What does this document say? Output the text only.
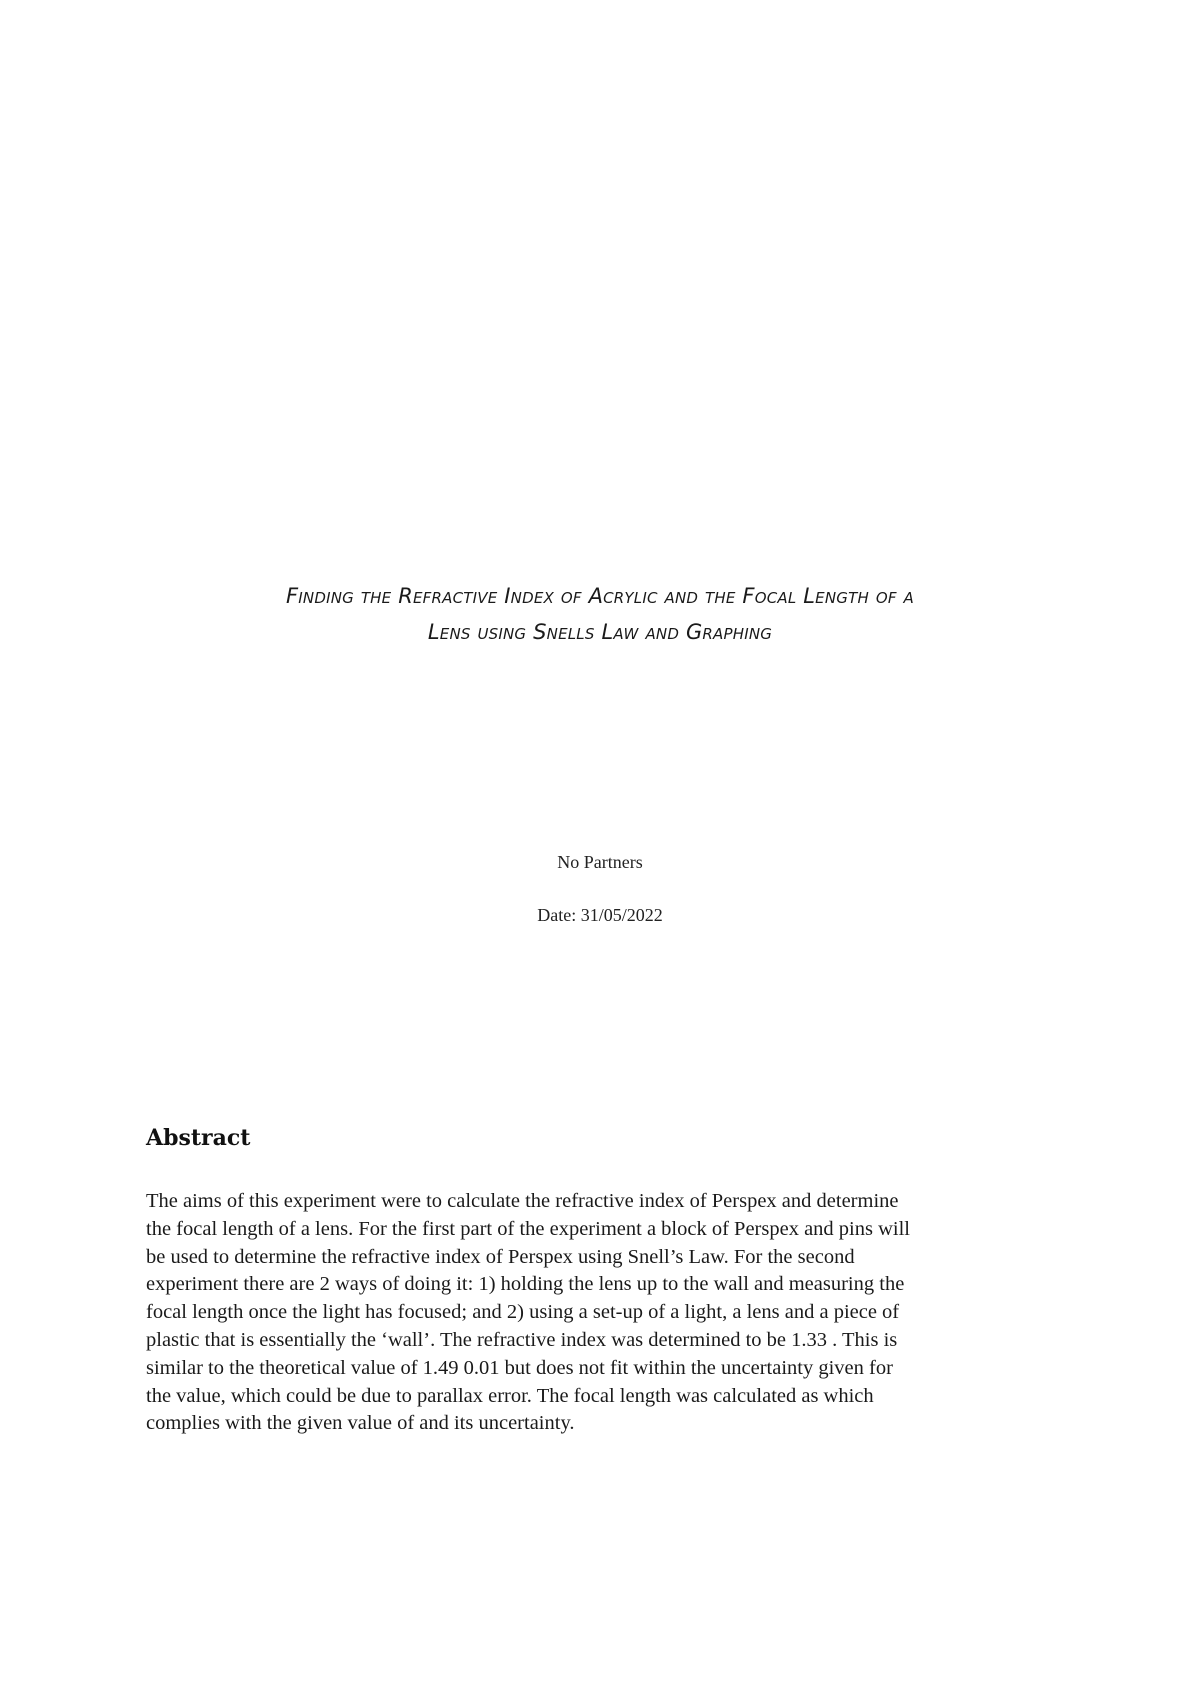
Finding the Refractive Index of Acrylic and the Focal Length of a
Lens using Snells Law and Graphing
No Partners
Date: 31/05/2022
Abstract

The aims of this experiment were to calculate the refractive index of Perspex and determine
the focal length of a lens. For the first part of the experiment a block of Perspex and pins will
be used to determine the refractive index of Perspex using Snell’s Law. For the second
experiment there are 2 ways of doing it: 1) holding the lens up to the wall and measuring the
focal length once the light has focused; and 2) using a set-up of a light, a lens and a piece of
plastic that is essentially the ‘wall’. The refractive index was determined to be 1.33 . This is
similar to the theoretical value of 1.49 0.01 but does not fit within the uncertainty given for
the value, which could be due to parallax error. The focal length was calculated as which
complies with the given value of and its uncertainty.
